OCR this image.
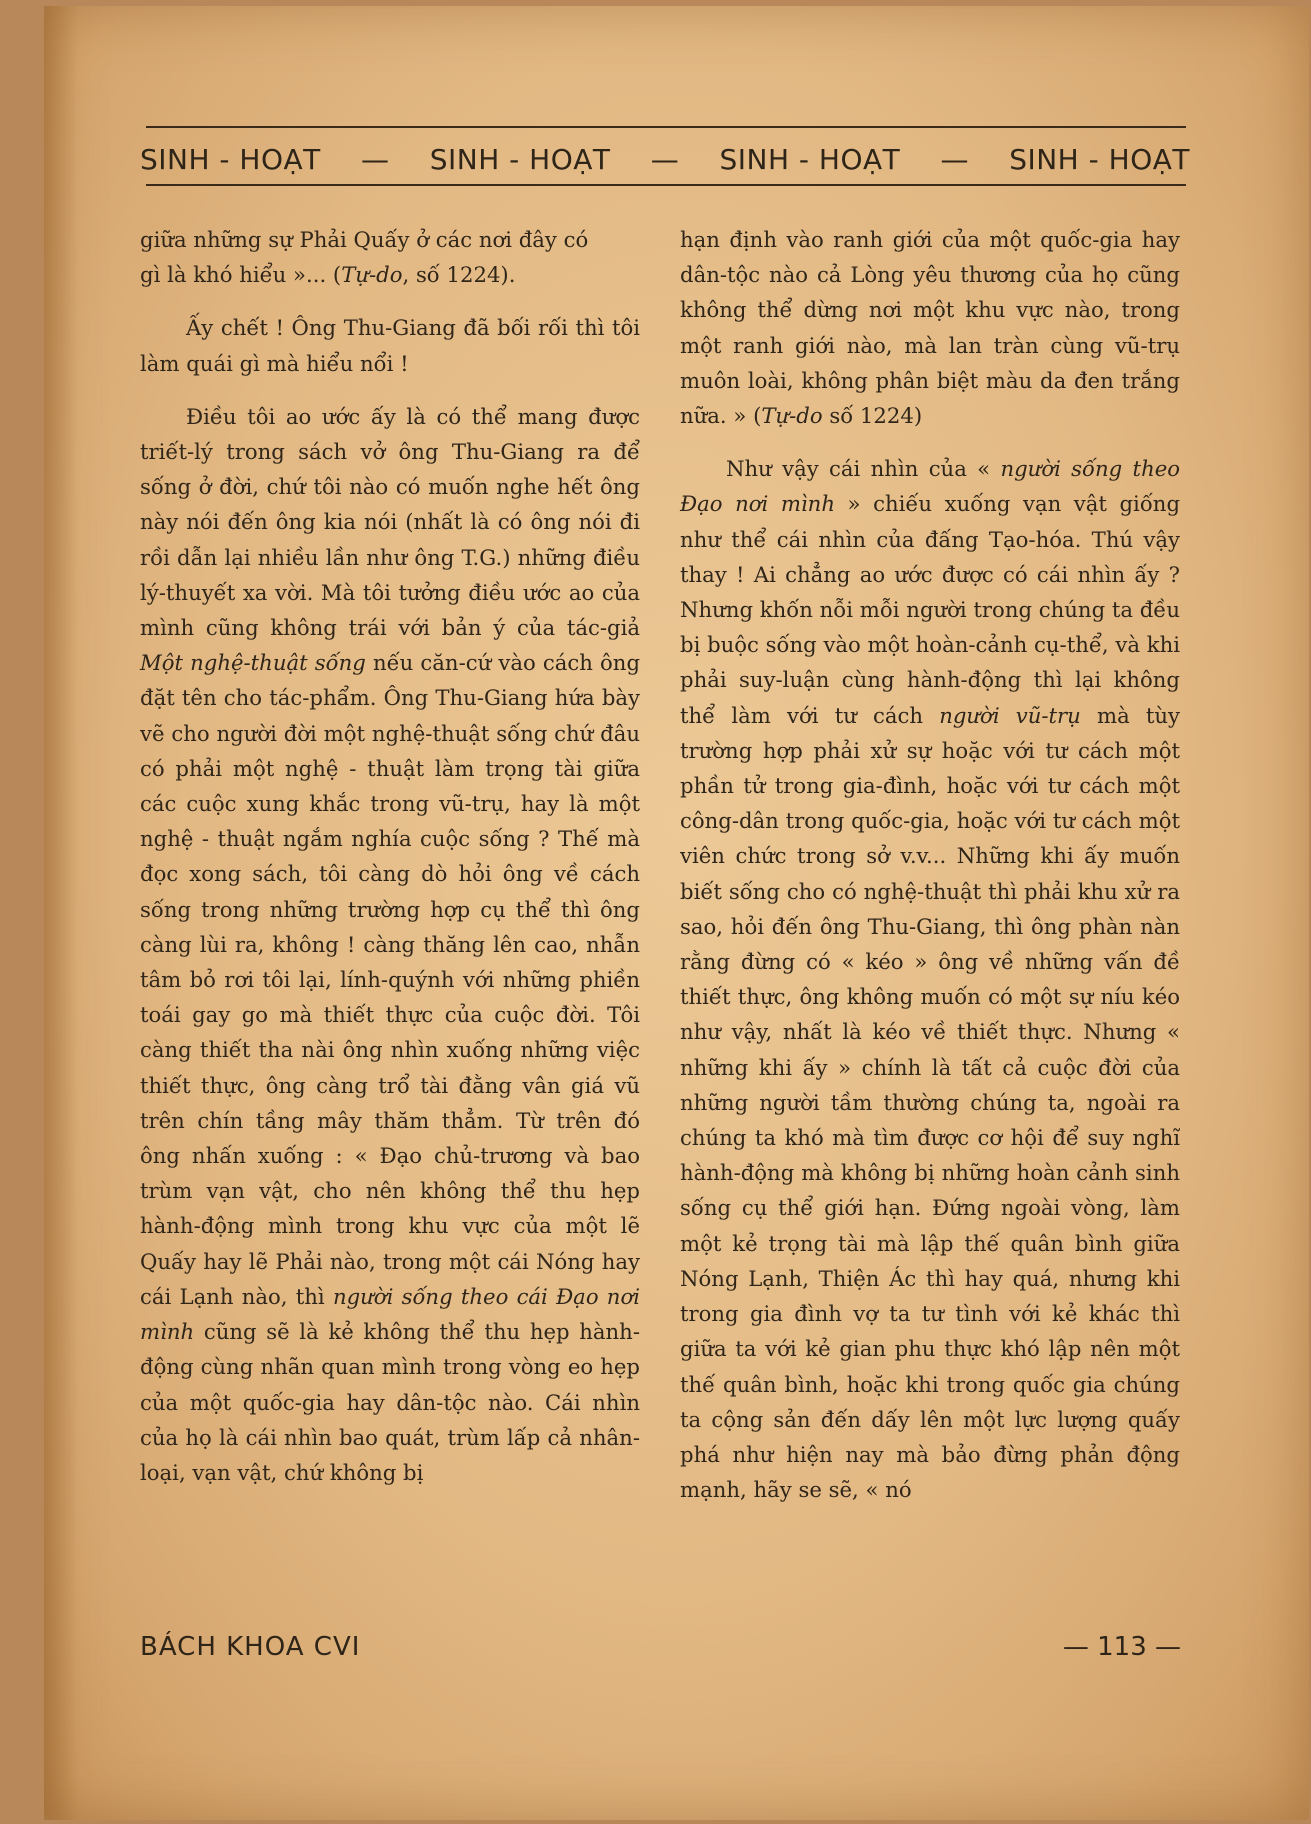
SINH - HOẠT — SINH - HOẠT — SINH - HOẠT — SINH - HOẠT

giữa những sự Phải Quấy ở các nơi đây có
gì là khó hiểu »... (Tự-do, số 1224).

Ấy chết ! Ông Thu-Giang đã bối rối thì tôi làm quái gì mà hiểu nổi !

Điều tôi ao ước ấy là có thể mang được triết-lý trong sách vở ông Thu-Giang ra để sống ở đời, chứ tôi nào có muốn nghe hết ông này nói đến ông kia nói (nhất là có ông nói đi rồi dẫn lại nhiều lần như ông T.G.) những điều lý-thuyết xa vời. Mà tôi tưởng điều ước ao của mình cũng không trái với bản ý của tác-giả Một nghệ-thuật sống nếu căn-cứ vào cách ông đặt tên cho tác-phẩm. Ông Thu-Giang hứa bày vẽ cho người đời một nghệ-thuật sống chứ đâu có phải một nghệ - thuật làm trọng tài giữa các cuộc xung khắc trong vũ-trụ, hay là một nghệ - thuật ngắm nghía cuộc sống ? Thế mà đọc xong sách, tôi càng dò hỏi ông về cách sống trong những trường hợp cụ thể thì ông càng lùi ra, không ! càng thăng lên cao, nhẫn tâm bỏ rơi tôi lại, lính-quýnh với những phiền toái gay go mà thiết thực của cuộc đời. Tôi càng thiết tha nài ông nhìn xuống những việc thiết thực, ông càng trổ tài đằng vân giá vũ trên chín tầng mây thăm thẳm. Từ trên đó ông nhấn xuống : « Đạo chủ-trương và bao trùm vạn vật, cho nên không thể thu hẹp hành-động mình trong khu vực của một lẽ Quấy hay lẽ Phải nào, trong một cái Nóng hay cái Lạnh nào, thì người sống theo cái Đạo nơi mình cũng sẽ là kẻ không thể thu hẹp hành-động cùng nhãn quan mình trong vòng eo hẹp của một quốc-gia hay dân-tộc nào. Cái nhìn của họ là cái nhìn bao quát, trùm lấp cả nhân-loại, vạn vật, chứ không bị

hạn định vào ranh giới của một quốc-gia hay dân-tộc nào cả Lòng yêu thương của họ cũng không thể dừng nơi một khu vực nào, trong một ranh giới nào, mà lan tràn cùng vũ-trụ muôn loài, không phân biệt màu da đen trắng nữa. » (Tự-do số 1224)

Như vậy cái nhìn của « người sống theo Đạo nơi mình » chiếu xuống vạn vật giống như thể cái nhìn của đấng Tạo-hóa. Thú vậy thay ! Ai chẳng ao ước được có cái nhìn ấy ? Nhưng khốn nỗi mỗi người trong chúng ta đều bị buộc sống vào một hoàn-cảnh cụ-thể, và khi phải suy-luận cùng hành-động thì lại không thể làm với tư cách người vũ-trụ mà tùy trường hợp phải xử sự hoặc với tư cách một phần tử trong gia-đình, hoặc với tư cách một công-dân trong quốc-gia, hoặc với tư cách một viên chức trong sở v.v... Những khi ấy muốn biết sống cho có nghệ-thuật thì phải khu xử ra sao, hỏi đến ông Thu-Giang, thì ông phàn nàn rằng đừng có « kéo » ông về những vấn đề thiết thực, ông không muốn có một sự níu kéo như vậy, nhất là kéo về thiết thực. Nhưng « những khi ấy » chính là tất cả cuộc đời của những người tầm thường chúng ta, ngoài ra chúng ta khó mà tìm được cơ hội để suy nghĩ hành-động mà không bị những hoàn cảnh sinh sống cụ thể giới hạn. Đứng ngoài vòng, làm một kẻ trọng tài mà lập thế quân bình giữa Nóng Lạnh, Thiện Ác thì hay quá, nhưng khi trong gia đình vợ ta tư tình với kẻ khác thì giữa ta với kẻ gian phu thực khó lập nên một thế quân bình, hoặc khi trong quốc gia chúng ta cộng sản đến dấy lên một lực lượng quấy phá như hiện nay mà bảo đừng phản động mạnh, hãy se sẽ, « nó

BÁCH KHOA CVI	— 113 —
